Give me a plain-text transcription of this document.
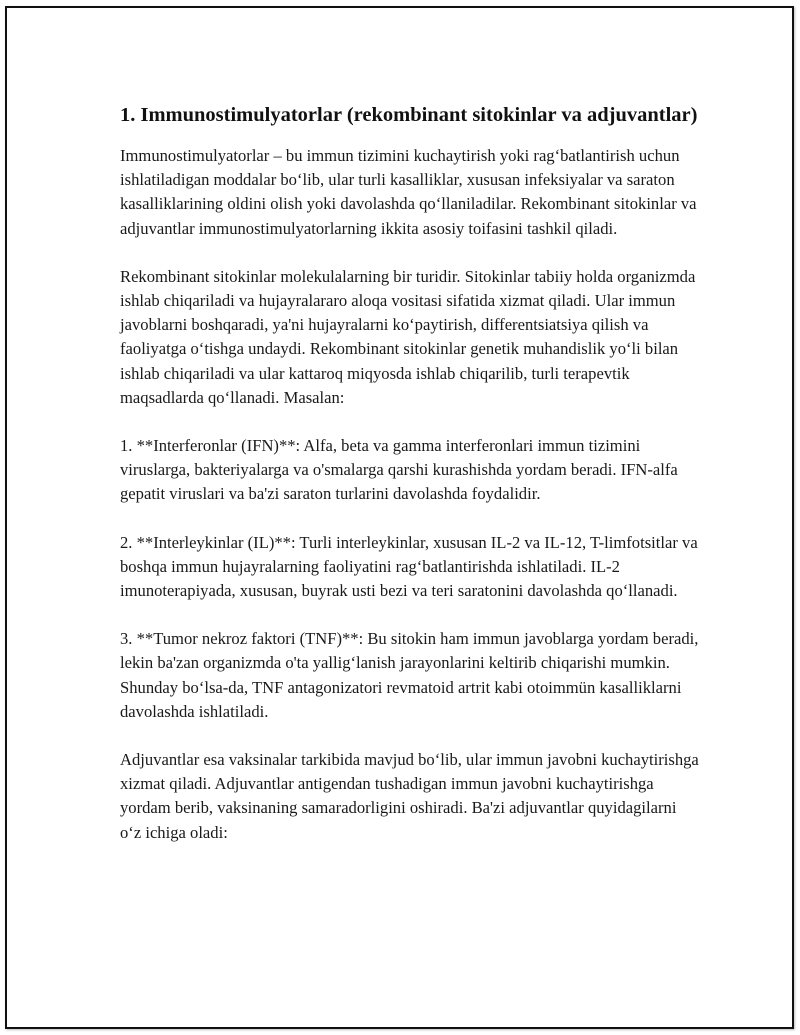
1. Immunostimulyatorlar (rekombinant sitokinlar va adjuvantlar)

Immunostimulyatorlar – bu immun tizimini kuchaytirish yoki rag‘batlantirish uchun ishlatiladigan moddalar bo‘lib, ular turli kasalliklar, xususan infeksiyalar va saraton kasalliklarining oldini olish yoki davolashda qo‘llaniladilar. Rekombinant sitokinlar va adjuvantlar immunostimulyatorlarning ikkita asosiy toifasini tashkil qiladi.

Rekombinant sitokinlar molekulalarning bir turidir. Sitokinlar tabiiy holda organizmda ishlab chiqariladi va hujayralararo aloqa vositasi sifatida xizmat qiladi. Ular immun javoblarni boshqaradi, ya'ni hujayralarni ko‘paytirish, differentsiatsiya qilish va faoliyatga o‘tishga undaydi. Rekombinant sitokinlar genetik muhandislik yo‘li bilan ishlab chiqariladi va ular kattaroq miqyosda ishlab chiqarilib, turli terapevtik maqsadlarda qo‘llanadi. Masalan:

1. **Interferonlar (IFN)**: Alfa, beta va gamma interferonlari immun tizimini viruslarga, bakteriyalarga va o'smalarga qarshi kurashishda yordam beradi. IFN-alfa gepatit viruslari va ba'zi saraton turlarini davolashda foydalidir.

2. **Interleykinlar (IL)**: Turli interleykinlar, xususan IL-2 va IL-12, T-limfotsitlar va boshqa immun hujayralarning faoliyatini rag‘batlantirishda ishlatiladi. IL-2 imunoterapiyada, xususan, buyrak usti bezi va teri saratonini davolashda qo‘llanadi.

3. **Tumor nekroz faktori (TNF)**: Bu sitokin ham immun javoblarga yordam beradi, lekin ba'zan organizmda o'ta yallig‘lanish jarayonlarini keltirib chiqarishi mumkin. Shunday bo‘lsa-da, TNF antagonizatori revmatoid artrit kabi otoimmün kasalliklarni davolashda ishlatiladi.

Adjuvantlar esa vaksinalar tarkibida mavjud bo‘lib, ular immun javobni kuchaytirishga xizmat qiladi. Adjuvantlar antigendan tushadigan immun javobni kuchaytirishga yordam berib, vaksinaning samaradorligini oshiradi. Ba'zi adjuvantlar quyidagilarni o‘z ichiga oladi:
